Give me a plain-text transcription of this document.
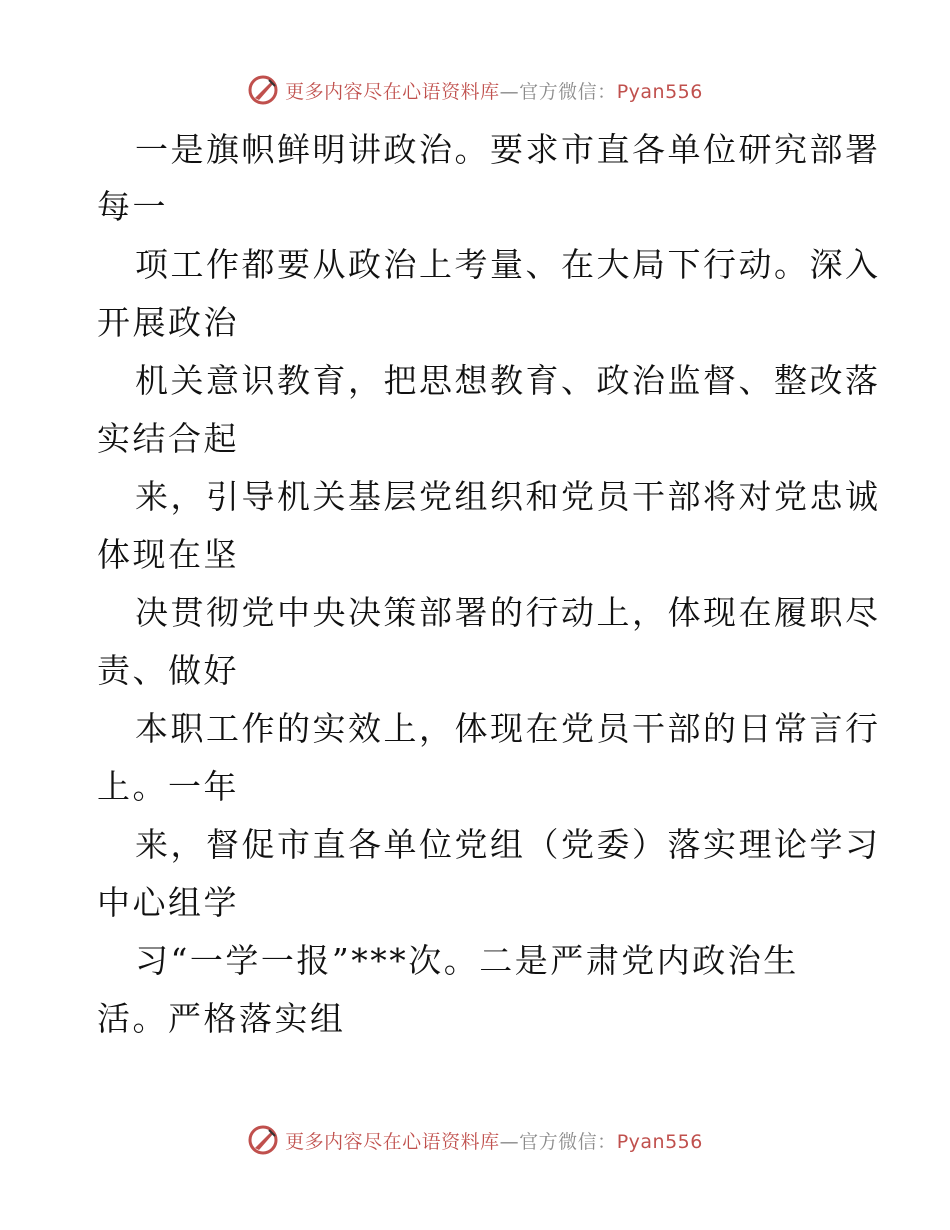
更多内容尽在心语资料库—官方微信：Pyan556
一是旗帜鲜明讲政治。要求市直各单位研究部署
每一
项工作都要从政治上考量、在大局下行动。深入
开展政治
机关意识教育，把思想教育、政治监督、整改落
实结合起
来，引导机关基层党组织和党员干部将对党忠诚
体现在坚
决贯彻党中央决策部署的行动上，体现在履职尽
责、做好
本职工作的实效上，体现在党员干部的日常言行
上。一年
来，督促市直各单位党组（党委）落实理论学习
中心组学
习“一学一报”***次。二是严肃党内政治生
活。严格落实组
更多内容尽在心语资料库—官方微信：Pyan556
